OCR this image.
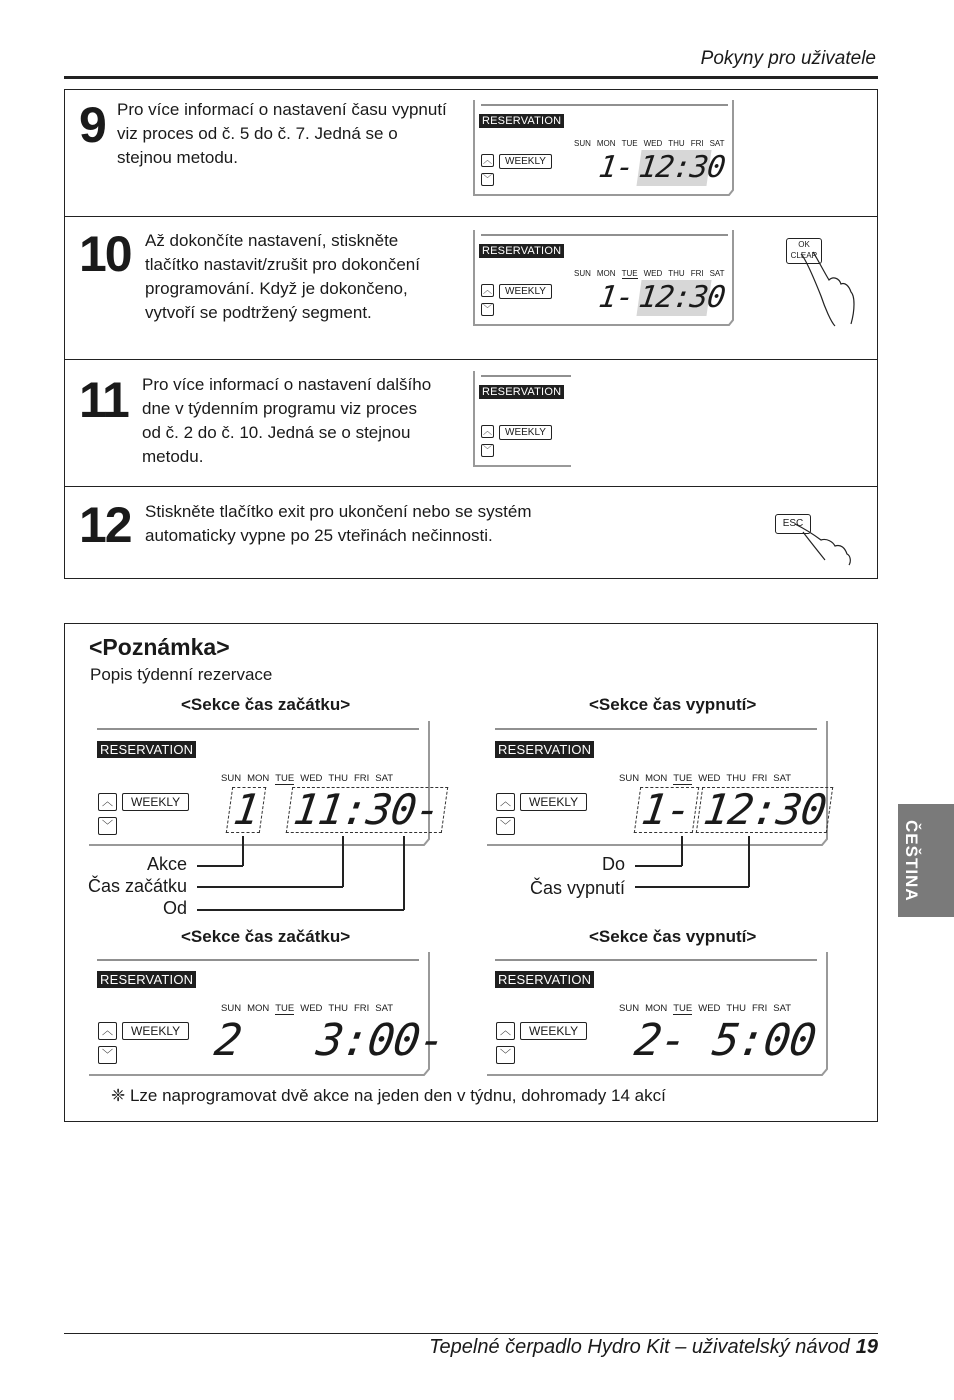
Pokyny pro uživatele
9 Pro více informací o nastavení času vypnutí
viz proces od č. 5 do č. 7. Jedná se o
stejnou metodu.
RESERVATION
SUN MON TUE WED THU FRI SAT
︿	WEEKLY
﹀	1- 12:30
10 Až dokončíte nastavení, stiskněte
tlačítko nastavit/zrušit pro dokončení
programování. Když je dokončeno,
vytvoří se podtržený segment.
RESERVATION
SUN MON TUE WED THU FRI SAT
︿	WEEKLY
﹀	1- 12:30
OK
CLEAR
11 Pro více informací o nastavení dalšího
dne v týdenním programu viz proces
od č. 2 do č. 10. Jedná se o stejnou
metodu.
RESERVATION
︿	WEEKLY
﹀
12 Stiskněte tlačítko exit pro ukončení nebo se systém
automaticky vypne po 25 vteřinách nečinnosti.
ESC
<Poznámka>
Popis týdenní rezervace
<Sekce čas začátku>	<Sekce čas vypnutí>
RESERVATION
SUN MON TUE WED THU FRI SAT
︿	WEEKLY
﹀	1 11:30-
RESERVATION
SUN MON TUE WED THU FRI SAT
︿	WEEKLY
﹀	1- 12:30
Akce
Čas začátku
Od
Do
Čas vypnutí
<Sekce čas začátku>	<Sekce čas vypnutí>
RESERVATION
SUN MON TUE WED THU FRI SAT
︿	WEEKLY
﹀ 2 3:00-
RESERVATION
SUN MON TUE WED THU FRI SAT
︿	WEEKLY
﹀	2- 5:00
❈ Lze naprogramovat dvě akce na jeden den v týdnu, dohromady 14 akcí
ČEŠTINA
Tepelné čerpadlo Hydro Kit – uživatelský návod 19
